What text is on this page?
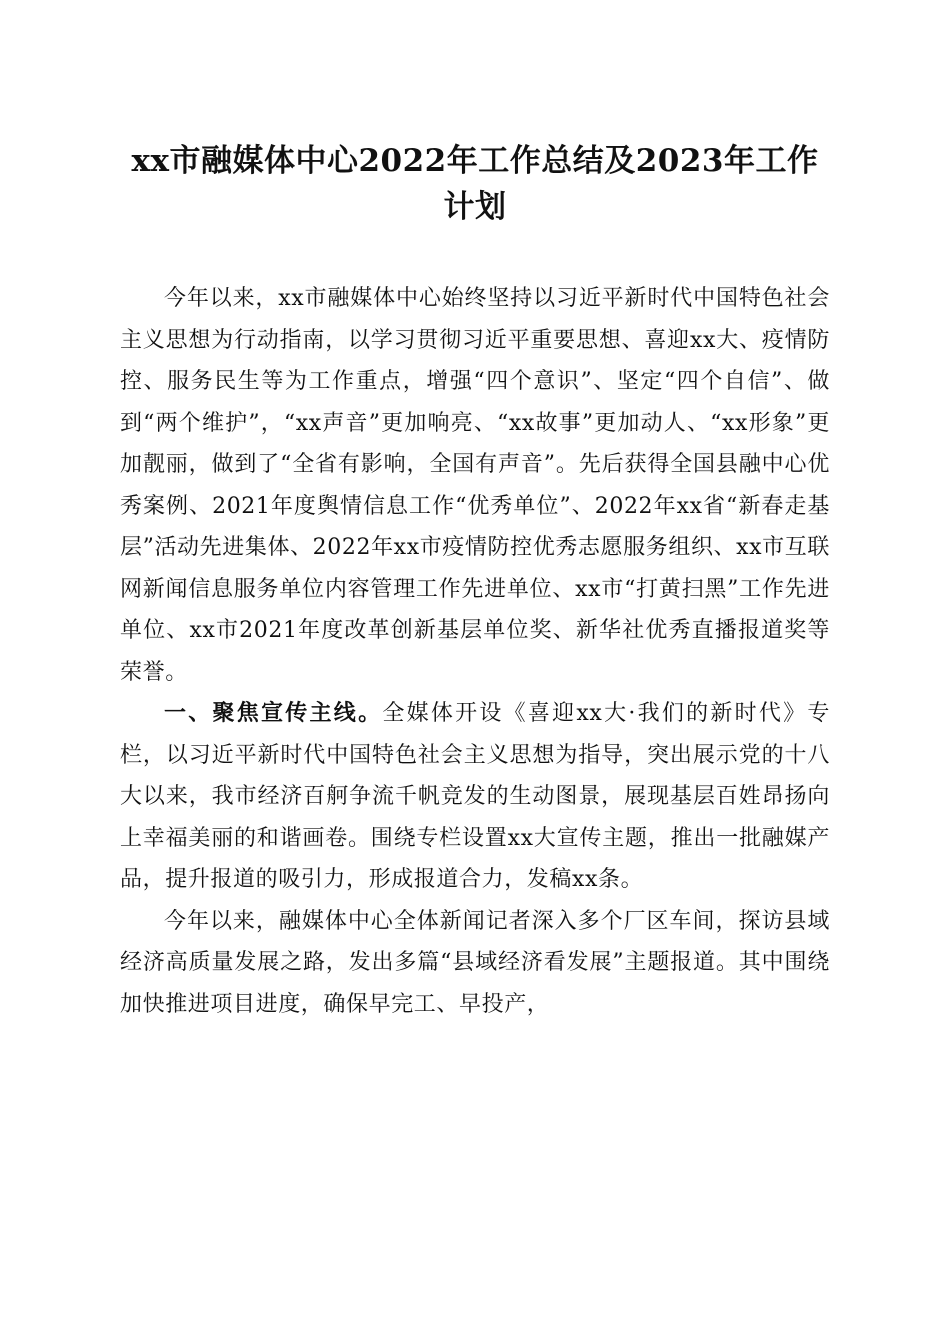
xx市融媒体中心2022年工作总结及2023年工作计划

今年以来，xx市融媒体中心始终坚持以习近平新时代中国特色社会主义思想为行动指南，以学习贯彻习近平重要思想、喜迎xx大、疫情防控、服务民生等为工作重点，增强“四个意识”、坚定“四个自信”、做到“两个维护”，“xx声音”更加响亮、“xx故事”更加动人、“xx形象”更加靓丽，做到了“全省有影响，全国有声音”。先后获得全国县融中心优秀案例、2021年度舆情信息工作“优秀单位”、2022年xx省“新春走基层”活动先进集体、2022年xx市疫情防控优秀志愿服务组织、xx市互联网新闻信息服务单位内容管理工作先进单位、xx市“打黄扫黑”工作先进单位、xx市2021年度改革创新基层单位奖、新华社优秀直播报道奖等荣誉。

一、聚焦宣传主线。全媒体开设《喜迎xx大·我们的新时代》专栏，以习近平新时代中国特色社会主义思想为指导，突出展示党的十八大以来，我市经济百舸争流千帆竞发的生动图景，展现基层百姓昂扬向上幸福美丽的和谐画卷。围绕专栏设置xx大宣传主题，推出一批融媒产品，提升报道的吸引力，形成报道合力，发稿xx条。

今年以来，融媒体中心全体新闻记者深入多个厂区车间，探访县域经济高质量发展之路，发出多篇“县域经济看发展”主题报道。其中围绕加快推进项目进度，确保早完工、早投产，
